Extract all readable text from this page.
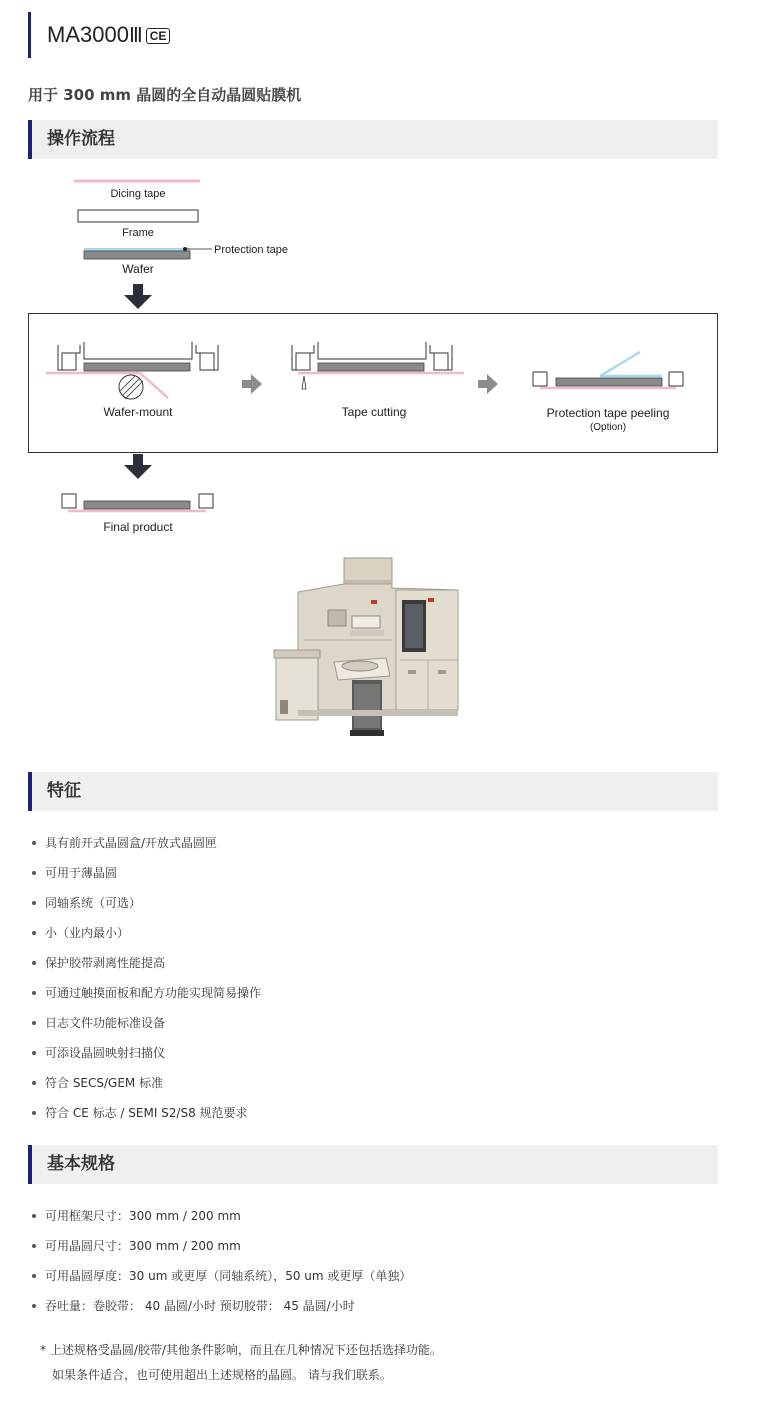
MA3000Ⅲ CE
用于 300 mm 晶圆的全自动晶圆贴膜机
操作流程
Dicing tape
Frame
Protection tape
Wafer
Wafer-mount	Tape cutting	Protection tape peeling
(Option)
Final product
特征
具有前开式晶圆盒/开放式晶圆匣
可用于薄晶圆
同轴系统（可选）
小（业内最小）
保护胶带剥离性能提高
可通过触摸面板和配方功能实现简易操作
日志文件功能标准设备
可添设晶圆映射扫描仪
符合 SECS/GEM 标准
符合 CE 标志 / SEMI S2/S8 规范要求
基本规格
可用框架尺寸：300 mm / 200 mm
可用晶圆尺寸：300 mm / 200 mm
可用晶圆厚度：30 um 或更厚（同轴系统），50 um 或更厚（单独）
吞吐量：卷胶带： 40 晶圆/小时 预切胶带： 45 晶圆/小时
* 上述规格受晶圆/胶带/其他条件影响，而且在几种情况下还包括选择功能。
如果条件适合，也可使用超出上述规格的晶圆。 请与我们联系。
